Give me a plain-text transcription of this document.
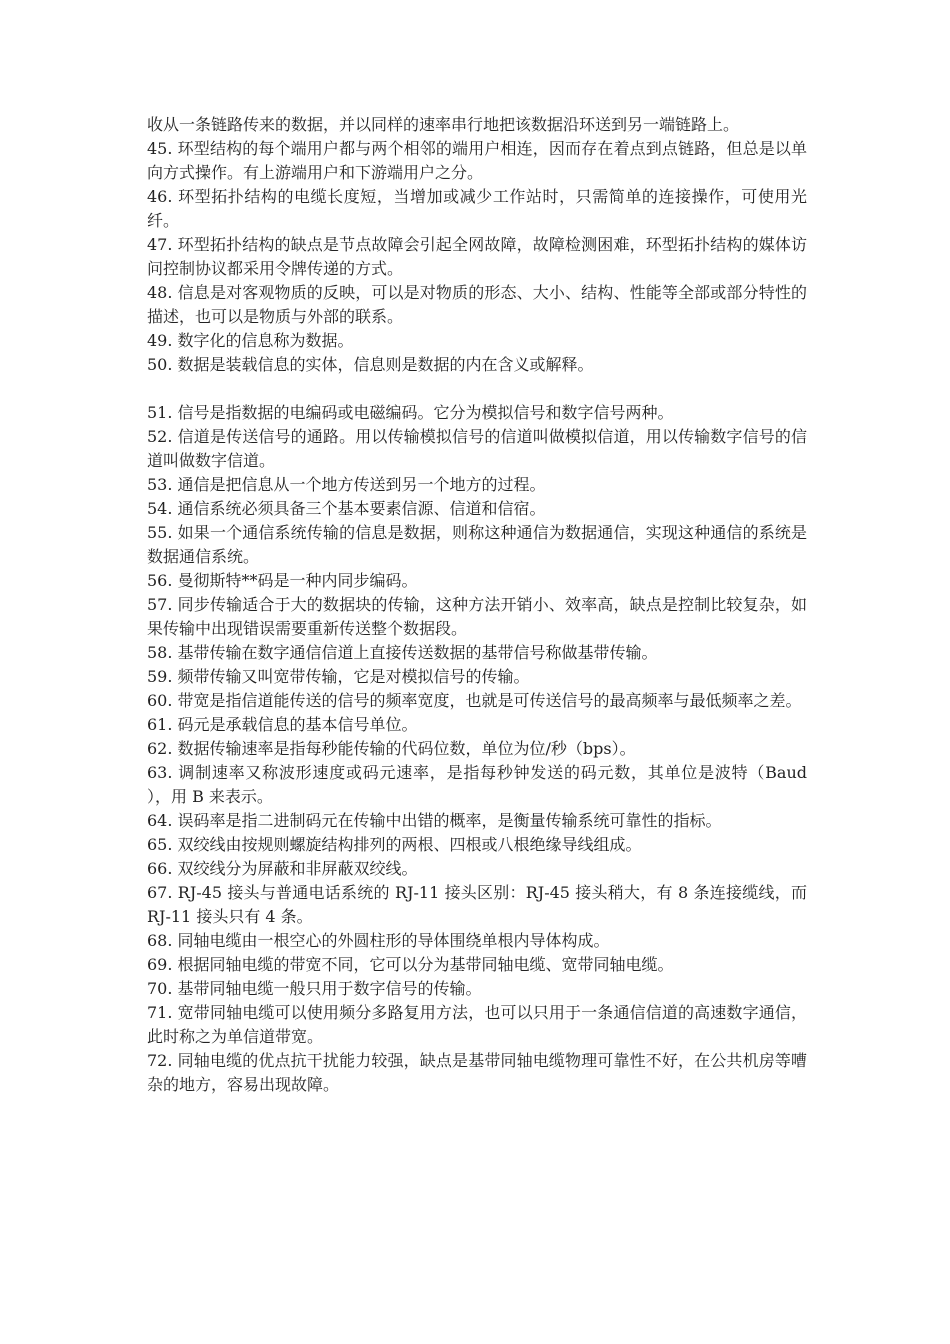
收从一条链路传来的数据，并以同样的速率串行地把该数据沿环送到另一端链路上。

45. 环型结构的每个端用户都与两个相邻的端用户相连，因而存在着点到点链路，但总是以单向方式操作。有上游端用户和下游端用户之分。

46. 环型拓扑结构的电缆长度短，当增加或减少工作站时，只需简单的连接操作，可使用光纤。

47. 环型拓扑结构的缺点是节点故障会引起全网故障，故障检测困难，环型拓扑结构的媒体访问控制协议都采用令牌传递的方式。

48. 信息是对客观物质的反映，可以是对物质的形态、大小、结构、性能等全部或部分特性的描述，也可以是物质与外部的联系。

49. 数字化的信息称为数据。

50. 数据是装载信息的实体，信息则是数据的内在含义或解释。

51. 信号是指数据的电编码或电磁编码。它分为模拟信号和数字信号两种。

52. 信道是传送信号的通路。用以传输模拟信号的信道叫做模拟信道，用以传输数字信号的信道叫做数字信道。

53. 通信是把信息从一个地方传送到另一个地方的过程。

54. 通信系统必须具备三个基本要素信源、信道和信宿。

55. 如果一个通信系统传输的信息是数据，则称这种通信为数据通信，实现这种通信的系统是数据通信系统。

56. 曼彻斯特**码是一种内同步编码。

57. 同步传输适合于大的数据块的传输，这种方法开销小、效率高，缺点是控制比较复杂，如果传输中出现错误需要重新传送整个数据段。

58. 基带传输在数字通信信道上直接传送数据的基带信号称做基带传输。

59. 频带传输又叫宽带传输，它是对模拟信号的传输。

60. 带宽是指信道能传送的信号的频率宽度，也就是可传送信号的最高频率与最低频率之差。

61. 码元是承载信息的基本信号单位。

62. 数据传输速率是指每秒能传输的代码位数，单位为位/秒（bps）。

63. 调制速率又称波形速度或码元速率，是指每秒钟发送的码元数，其单位是波特（Baud ），用 B 来表示。

64. 误码率是指二进制码元在传输中出错的概率，是衡量传输系统可靠性的指标。

65. 双绞线由按规则螺旋结构排列的两根、四根或八根绝缘导线组成。

66. 双绞线分为屏蔽和非屏蔽双绞线。

67. RJ-45 接头与普通电话系统的 RJ-11 接头区别：RJ-45 接头稍大，有 8 条连接缆线，而 RJ-11 接头只有 4 条。

68. 同轴电缆由一根空心的外圆柱形的导体围绕单根内导体构成。

69. 根据同轴电缆的带宽不同，它可以分为基带同轴电缆、宽带同轴电缆。

70. 基带同轴电缆一般只用于数字信号的传输。

71. 宽带同轴电缆可以使用频分多路复用方法，也可以只用于一条通信信道的高速数字通信，此时称之为单信道带宽。

72. 同轴电缆的优点抗干扰能力较强，缺点是基带同轴电缆物理可靠性不好，在公共机房等嘈杂的地方，容易出现故障。
